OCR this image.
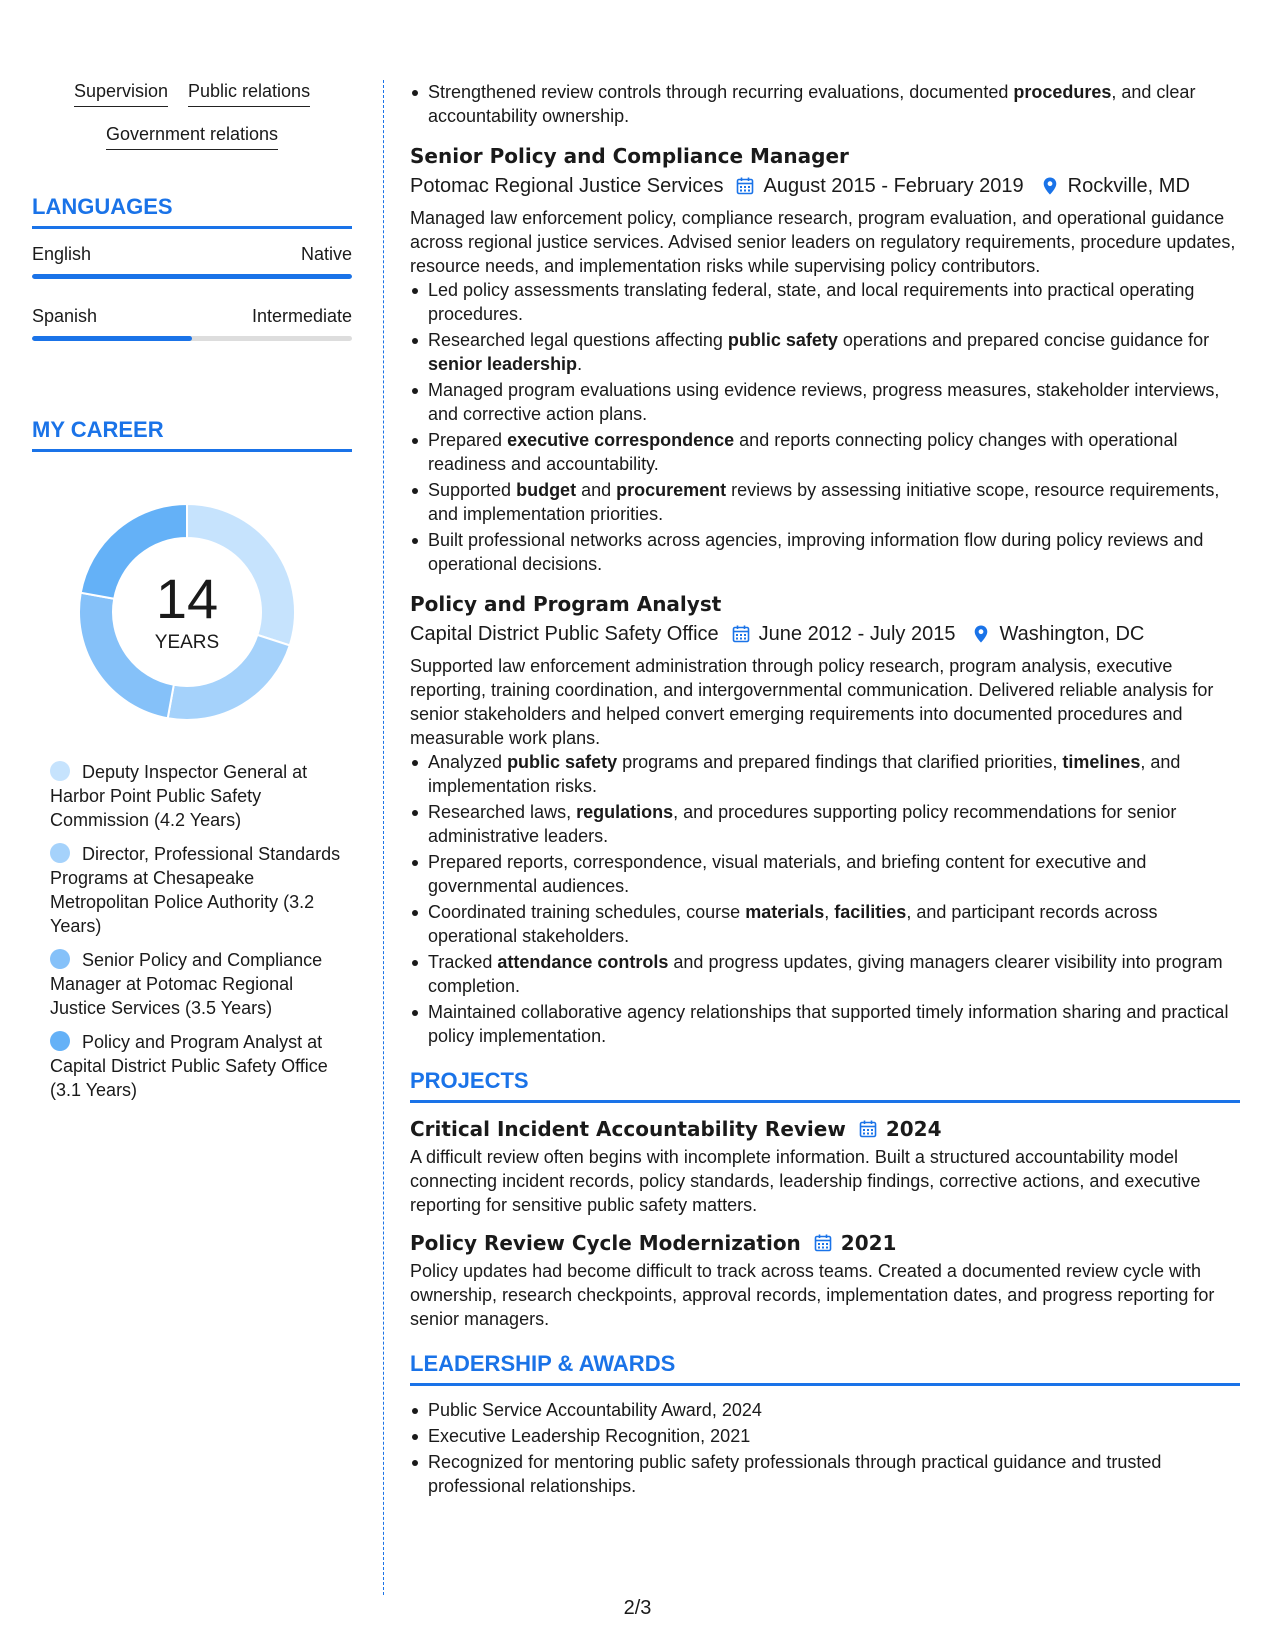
Supervision Public relations
Government relations
LANGUAGES
English	Native
Spanish	Intermediate
MY CAREER
14
YEARS
Deputy Inspector General at Harbor Point Public Safety Commission (4.2 Years)
Director, Professional Standards Programs at Chesapeake Metropolitan Police Authority (3.2 Years)
Senior Policy and Compliance Manager at Potomac Regional Justice Services (3.5 Years)
Policy and Program Analyst at Capital District Public Safety Office (3.1 Years)
Strengthened review controls through recurring evaluations, documented procedures, and clear accountability ownership.
Senior Policy and Compliance Manager
Potomac Regional Justice Services August 2015 - February 2019 Rockville, MD
Managed law enforcement policy, compliance research, program evaluation, and operational guidance across regional justice services. Advised senior leaders on regulatory requirements, procedure updates, resource needs, and implementation risks while supervising policy contributors.
Led policy assessments translating federal, state, and local requirements into practical operating procedures.
Researched legal questions affecting public safety operations and prepared concise guidance for senior leadership.
Managed program evaluations using evidence reviews, progress measures, stakeholder interviews, and corrective action plans.
Prepared executive correspondence and reports connecting policy changes with operational readiness and accountability.
Supported budget and procurement reviews by assessing initiative scope, resource requirements, and implementation priorities.
Built professional networks across agencies, improving information flow during policy reviews and operational decisions.
Policy and Program Analyst
Capital District Public Safety Office June 2012 - July 2015 Washington, DC
Supported law enforcement administration through policy research, program analysis, executive reporting, training coordination, and intergovernmental communication. Delivered reliable analysis for senior stakeholders and helped convert emerging requirements into documented procedures and measurable work plans.
Analyzed public safety programs and prepared findings that clarified priorities, timelines, and implementation risks.
Researched laws, regulations, and procedures supporting policy recommendations for senior administrative leaders.
Prepared reports, correspondence, visual materials, and briefing content for executive and governmental audiences.
Coordinated training schedules, course materials, facilities, and participant records across operational stakeholders.
Tracked attendance controls and progress updates, giving managers clearer visibility into program completion.
Maintained collaborative agency relationships that supported timely information sharing and practical policy implementation.
PROJECTS
Critical Incident Accountability Review 2024
A difficult review often begins with incomplete information. Built a structured accountability model connecting incident records, policy standards, leadership findings, corrective actions, and executive reporting for sensitive public safety matters.
Policy Review Cycle Modernization 2021
Policy updates had become difficult to track across teams. Created a documented review cycle with ownership, research checkpoints, approval records, implementation dates, and progress reporting for senior managers.
LEADERSHIP & AWARDS
Public Service Accountability Award, 2024
Executive Leadership Recognition, 2021
Recognized for mentoring public safety professionals through practical guidance and trusted professional relationships.
2/3
